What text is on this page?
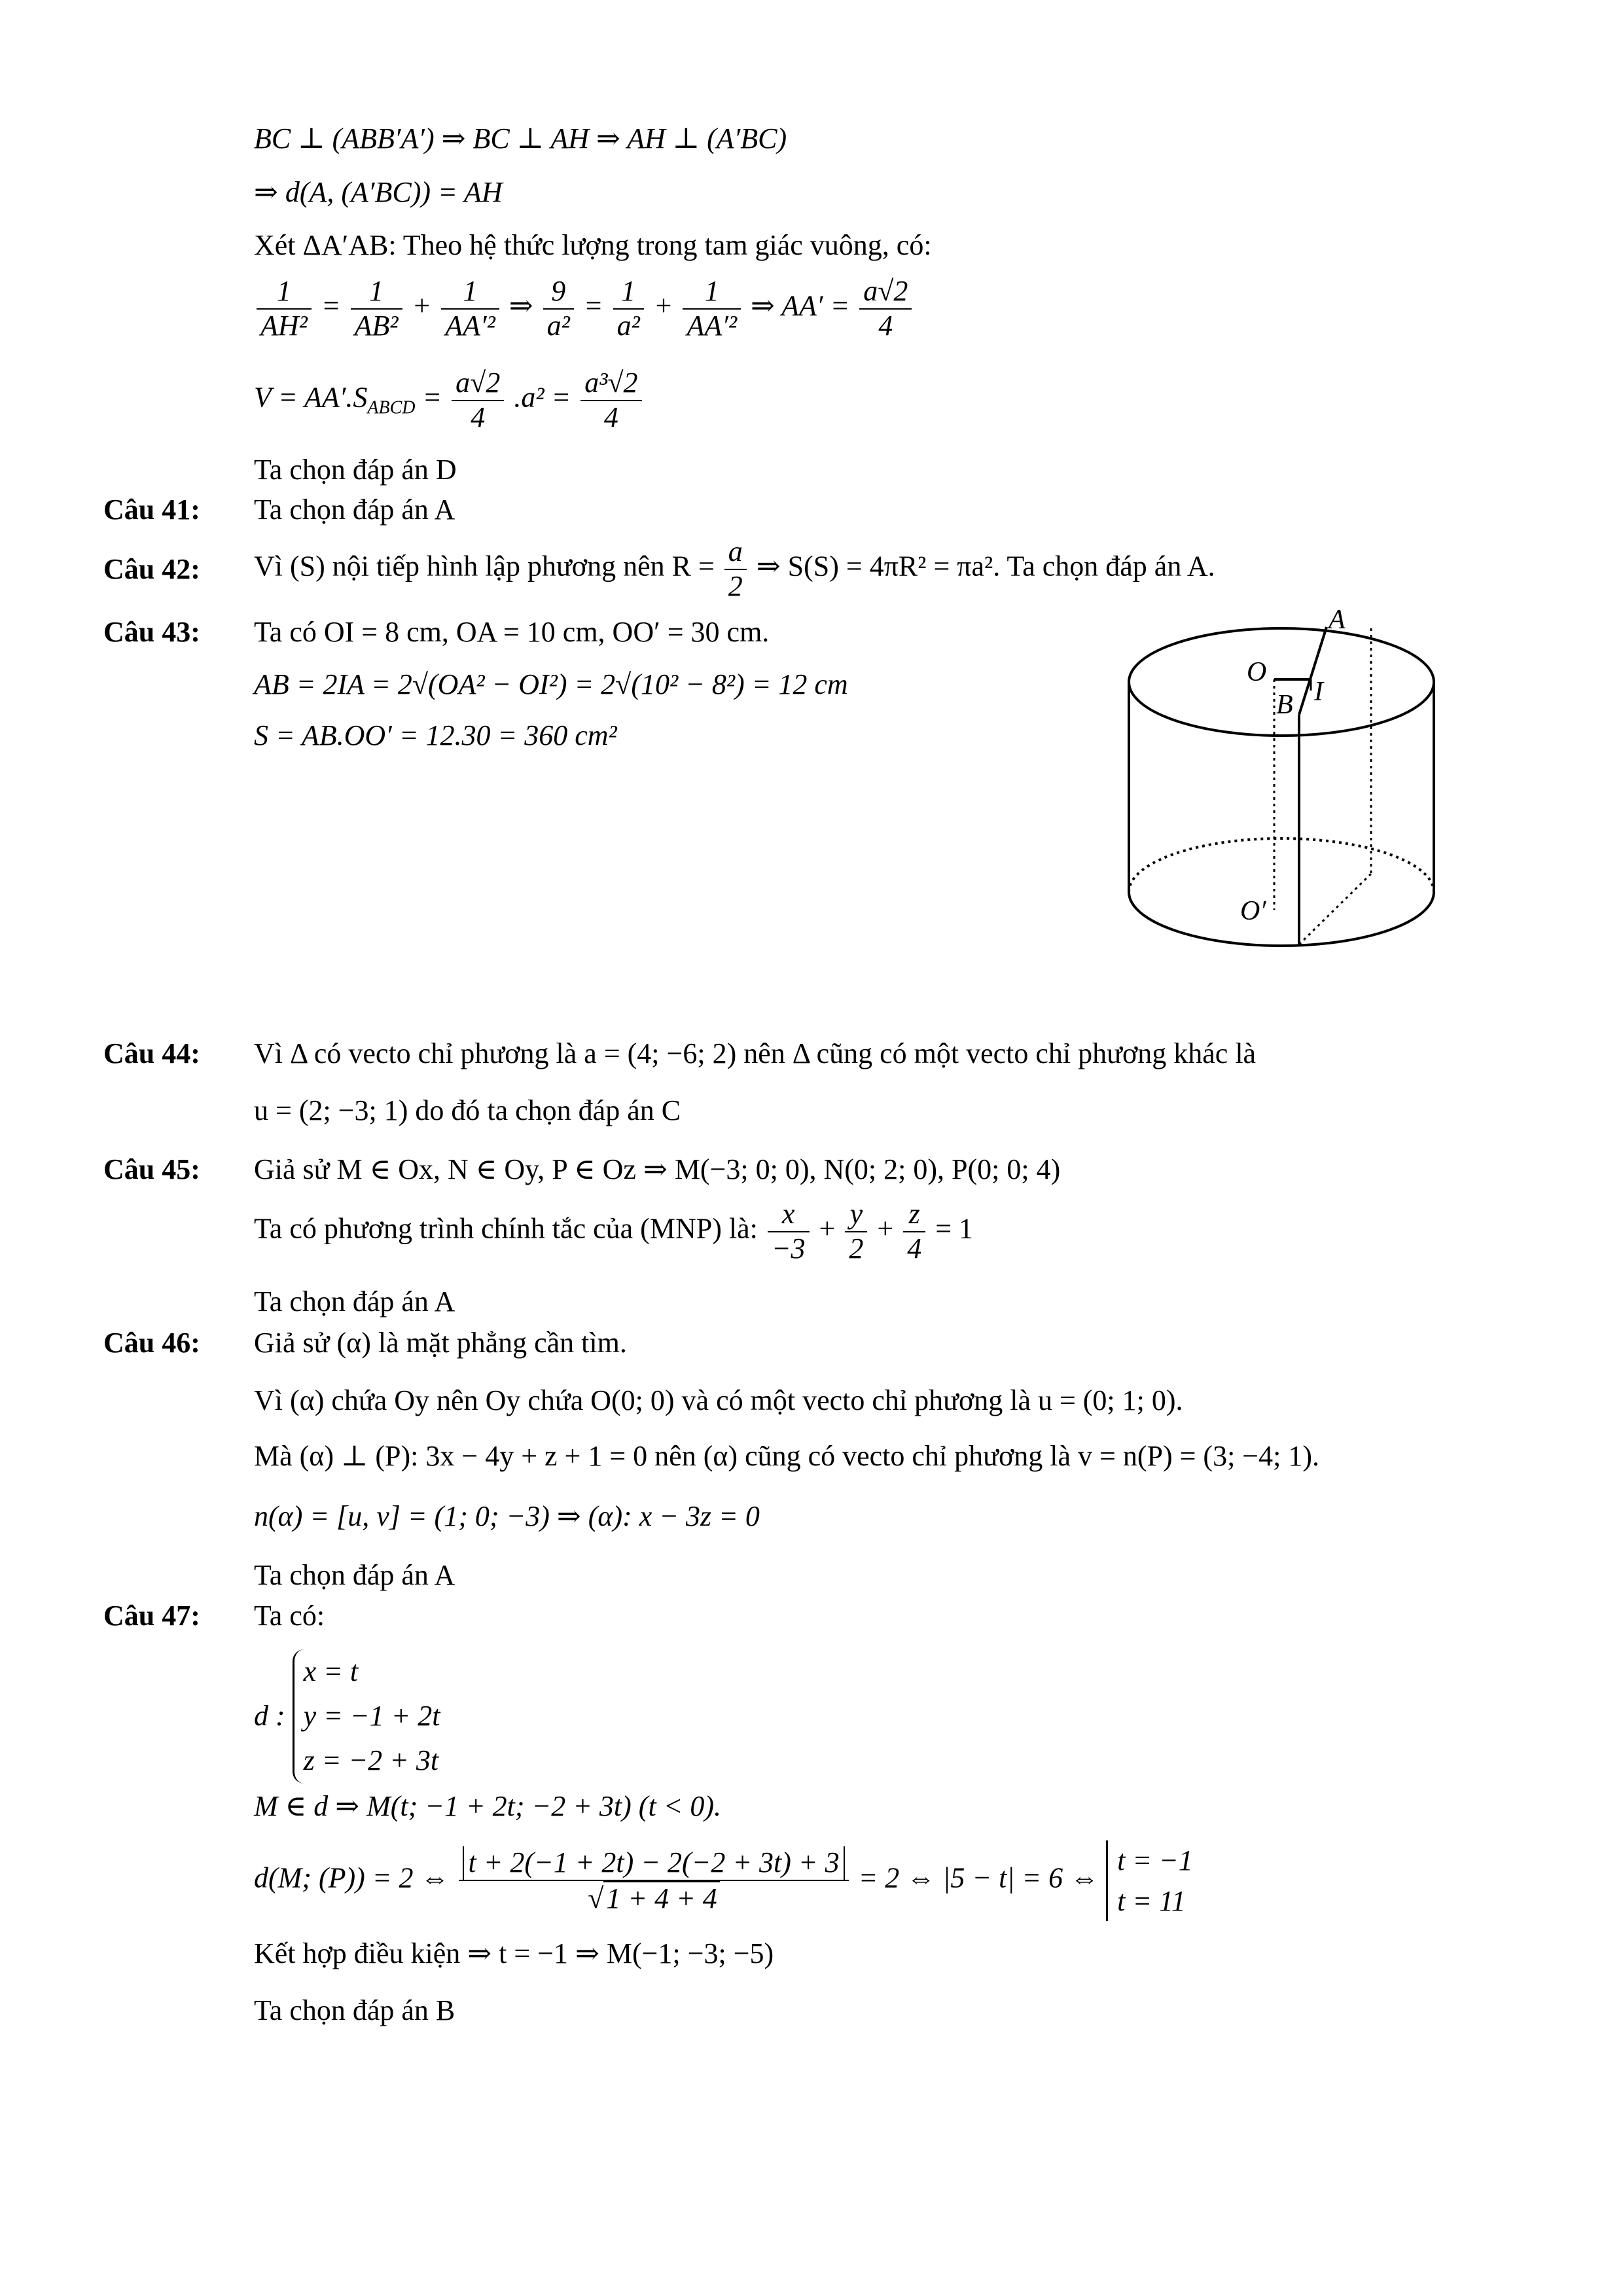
BC ⊥ (ABB′A′) ⇒ BC ⊥ AH ⇒ AH ⊥ (A′BC)
⇒ d(A, (A′BC)) = AH
Xét ΔA′AB: Theo hệ thức lượng trong tam giác vuông, có:
$\frac{1}{\text{AH²}} = \frac{1}{\text{AB²}} + \frac{1}{\text{AA′²}}$ ⇒ $\frac{9}{\text{a²}} = \frac{1}{\text{a²}} + \frac{1}{\text{AA′²}}$ ⇒ $AA' = \frac{a√2}{4}$
$V = AA'.S_{ABCD} = \frac{a√2}{4} .a^2 = \frac{\text{a³√2}}{4}$
Ta chọn đáp án D
Câu 41: Ta chọn đáp án A
Câu 42: Vì (S) nội tiếp hình lập phương nên $R = \frac{a}{2}$ ⇒ S(S) = 4πR² = πa². Ta chọn đáp án A.
Câu 43: Ta có OI = 8 cm, OA = 10 cm, OO′ = 30 cm.
AB = 2IA = 2√(OA² − OI²) = 2√(10² − 8²) = 12 cm
S = AB.OO′ = 12.30 = 360 cm²
A
O
I
B
O′
Câu 44: Vì Δ có vecto chỉ phương là a = (4; −6; 2) nên Δ cũng có một vecto chỉ phương khác là
u = (2; −3; 1) do đó ta chọn đáp án C
Câu 45: Giả sử M ∈ Ox, N ∈ Oy, P ∈ Oz ⇒ M(−3; 0; 0), N(0; 2; 0), P(0; 0; 4)
Ta có phương trình chính tắc của (MNP) là: $\frac{x}{-3} + \frac{y}{2} + \frac{z}{4} = 1$
Ta chọn đáp án A
Câu 46: Giả sử (α) là mặt phẳng cần tìm.
Vì (α) chứa Oy nên Oy chứa O(0; 0) và có một vecto chỉ phương là u = (0; 1; 0).
Mà (α) ⊥ (P): 3x − 4y + z + 1 = 0 nên (α) cũng có vecto chỉ phương là v = n(P) = (3; −4; 1).
n(α) = [u, v] = (1; 0; −3) ⇒ (α): x − 3z = 0
Ta chọn đáp án A
Câu 47: Ta có:
d :
x = t
y = −1 + 2t
z = −2 + 3t
M ∈ d ⇒ M(t; −1 + 2t; −2 + 3t) (t < 0).
d(M; (P)) = 2 ⇔ $\frac{t + 2(-1 + 2t) - 2(-2 + 3t) + 3}{√1 + 4 + 4} = 2$ ⇔ |5 − t| = 6 ⇔
t = −1
t = 11
Kết hợp điều kiện ⇒ t = −1 ⇒ M(−1; −3; −5)
Ta chọn đáp án B
